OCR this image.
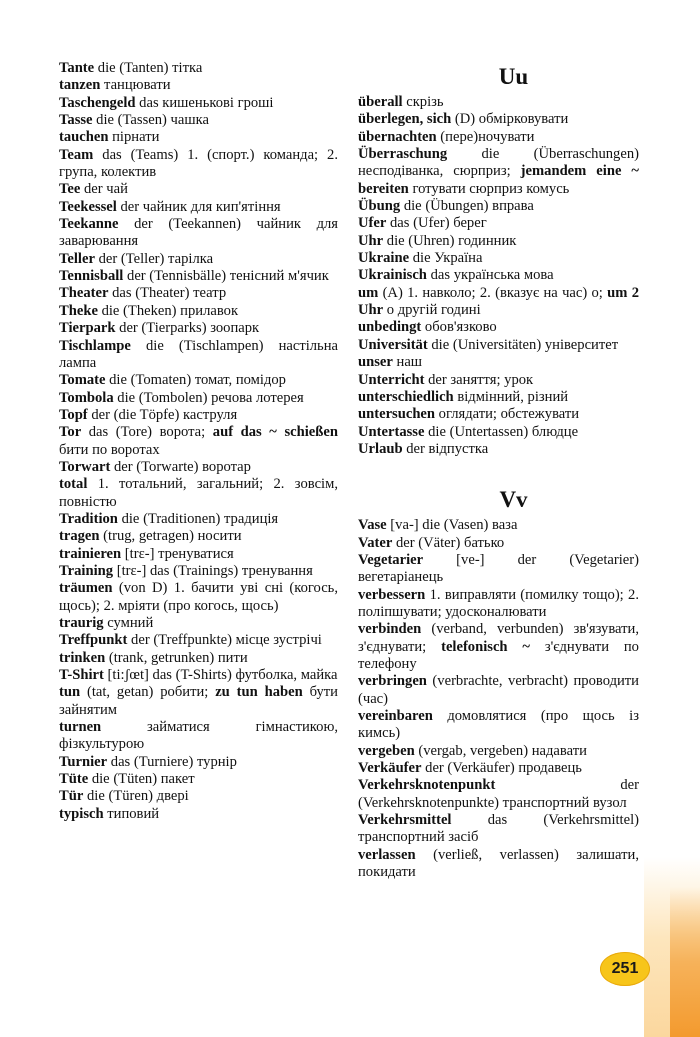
Tante die (Tanten) тітка

tanzen танцювати

Taschengeld das кишенькові гроші

Tasse die (Tassen) чашка

tauchen пірнати

Team das (Teams) 1. (спорт.) команда; 2. група, колектив

Tee der чай

Teekessel der чайник для кип'ятіння

Teekanne der (Teekannen) чайник для заварювання

Teller der (Teller) тарілка

Tennisball der (Tennisbälle) тенісний м'ячик

Theater das (Theater) театр

Theke die (Theken) прилавок

Tierpark der (Tierparks) зоопарк

Tischlampe die (Tischlampen) настільна лампа

Tomate die (Tomaten) томат, помідор

Tombola die (Tombolen) речова лотерея

Topf der (die Töpfe) каструля

Tor das (Tore) ворота; auf das ~ schießen бити по воротах

Torwart der (Torwarte) воротар

total 1. тотальний, загальний; 2. зовсім, повністю

Tradition die (Traditionen) традиція

tragen (trug, getragen) носити

trainieren [trɛ-] тренуватися

Training [trɛ-] das (Trainings) тренування

träumen (von D) 1. бачити уві сні (когось, щось); 2. мріяти (про когось, щось)

traurig сумний

Treffpunkt der (Treffpunkte) місце зустрічі

trinken (trank, getrunken) пити

T-Shirt [ti:ʃœt] das (T-Shirts) футболка, майка

tun (tat, getan) робити; zu tun haben бути зайнятим

turnen займатися гімнастикою, фізкультурою

Turnier das (Turniere) турнір

Tüte die (Tüten) пакет

Tür die (Türen) двері

typisch типовий

Uu

überall скрізь

überlegen, sich (D) обмірковувати

übernachten (пере)ночувати

Überraschung die (Überraschungen) несподіванка, сюрприз; jemandem eine ~ bereiten готувати сюрприз комусь

Übung die (Übungen) вправа

Ufer das (Ufer) берег

Uhr die (Uhren) годинник

Ukraine die Україна

Ukrainisch das українська мова

um (A) 1. навколо; 2. (вказує на час) о; um 2 Uhr о другій годині

unbedingt обов'язково

Universität die (Universitäten) університет

unser наш

Unterricht der заняття; урок

unterschiedlich відмінний, різний

untersuchen оглядати; обстежувати

Untertasse die (Untertassen) блюдце

Urlaub der відпустка

Vv

Vase [va-] die (Vasen) ваза

Vater der (Väter) батько

Vegetarier [ve-] der (Vegetarier) вегетаріанець

verbessern 1. виправляти (помилку тощо); 2. поліпшувати; удосконалювати

verbinden (verband, verbunden) зв'язувати, з'єднувати; telefonisch ~ з'єднувати по телефону

verbringen (verbrachte, verbracht) проводити (час)

vereinbaren домовлятися (про щось із кимсь)

vergeben (vergab, vergeben) надавати

Verkäufer der (Verkäufer) продавець

Verkehrsknotenpunkt der (Verkehrsknotenpunkte) транспортний вузол

Verkehrsmittel das (Verkehrsmittel) транспортний засіб

verlassen (verließ, verlassen) залишати, покидати

251
